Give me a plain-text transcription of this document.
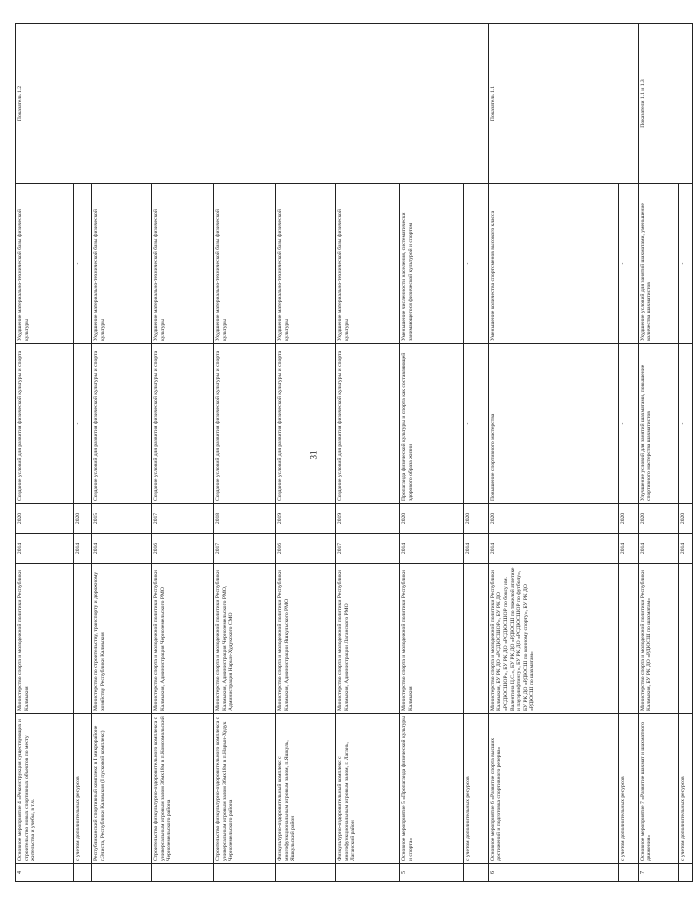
31
4	Основное мероприятие 4 «Реконструкция существующих и строительство новых спортивных объектов по месту жительства и учебы, в т.ч.	Министерство спорта и молодежной политики Республики Калмыкия	2014	2020	Создание условий для развития физической культуры и спорта	Ухудшение материально-технической базы физической культуры	Показатель 1.2	
	с учетом дополнительных ресурсов		2014	2020	-	-		
	Республиканский спортивный комплекс в I микрорайоне г.Элиста, Республики Калмыкия (I пусковой комплекс)	Министерство по строительству, транспорту и дорожному хозяйству Республики Калмыкия	2014	2015	Создание условий для развития физической культуры и спорта	Ухудшение материально-технической базы физической культуры		
	Строительство физкультурно-оздоровительного комплекса с универсальным игровым залом 36мх18м в п.Комсомольский Черноземельского района	Министерство спорта и молодежной политики Республики Калмыкия, Администрация Черноземельского РМО	2016	2017	Создание условий для развития физической культуры и спорта	Ухудшение материально-технической базы физической культуры		
	Строительство физкультурно-оздоровительного комплекса с универсальным игровым залом 36мх18м в п.Нарын-Худук Черноземельского района	Министерство спорта и молодежной политики Республики Калмыкия, Администрация Черноземельского РМО, Администрация Нарын-Худукского СМО	2017	2018	Создание условий для развития физической культуры и спорта	Ухудшение материально-технической базы физической культуры		
	Физкультурно-оздоровительный комплекс с многофункциональным игровым залом, п.Яшкуль, Яшкульский район	Министерство спорта и молодежной политики Республики Калмыкия, Администрации Яшкульского РМО	2016	2019	Создание условий для развития физической культуры и спорта	Ухудшение материально-технической базы физической культуры		
	Физкультурно-оздоровительный комплекс с многофункциональным игровым залом, г. Лагань, Лаганский район	Министерство спорта и молодежной политики Республики Калмыкия, Администрации Лаганского РМО	2017	2019	Создание условий для развития физической культуры и спорта	Ухудшение материально-технической базы физической культуры		
5	Основное мероприятие 5 «Пропаганда физической культуры и спорта»	Министерство спорта и молодежной политики Республики Калмыкия	2014	2020	Пропаганда физической культуры и спорта как составляющей здорового образа жизни	Уменьшение численности населения, систематически занимающегося физической культурой и спортом	
	с учетом дополнительных ресурсов		2014	2020	-	-		
6	Основное мероприятие 6 «Развитие спорта высших достижений и подготовка спортивного резерва»	Министерство спорта и молодежной политики Республики Калмыкия, БУ РК ДО «РСДЮСШОР», БУ РК ДО «РСДЮСШОР», БУ РК ДО «РСДЮСШОР по боксу им. Валентина Ц.С.», БУ РК ДО «РДЮСШ по тяжелой атлетике и пауэрлифтингу», БУ РК ДО «РСДЮСШОР по футболу», БУ РК ДО «РДЮСШ по конному спорту», БУ РК ДО «РДЮСШ по шахматам»	2014	2020	Повышение спортивного мастерства	Уменьшение количества спортсменов высокого класса	Показатель 1.1	
	с учетом дополнительных ресурсов		2014	2020	-	-		
7	Основное мероприятие 7 «Развитие шахмат и шахматного движения»	Министерство спорта и молодежной политики Республики Калмыкия, БУ РК ДО «РДЮСШ по шахматам»	2014	2020	Улучшение условий для занятий шахматами, повышение спортивного мастерства шахматистов	Ухудшение условий для занятий шахматами, уменьшение количества шахматистов	Показатели 1.1 и 1.3	
	с учетом дополнительных ресурсов		2014	2020	-	-		
